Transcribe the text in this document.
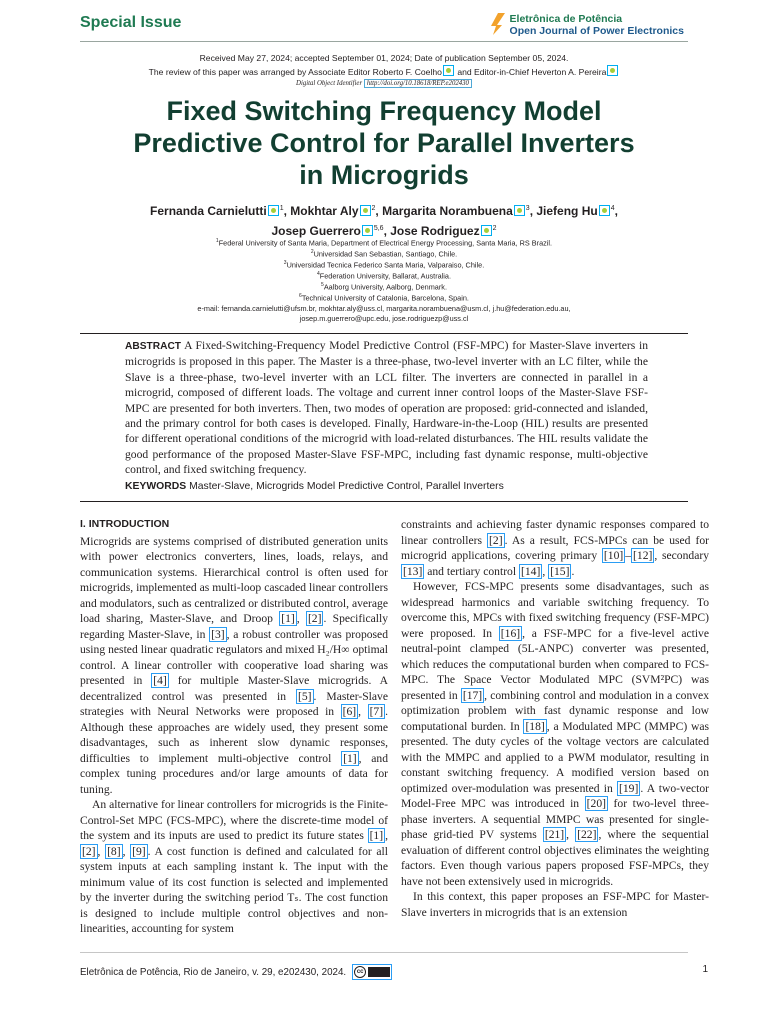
Special Issue	Eletrônica de Potência
Open Journal of Power Electronics
Received May 27, 2024; accepted September 01, 2024; Date of publication September 05, 2024.
The review of this paper was arranged by Associate Editor Roberto F. Coelho and Editor-in-Chief Heverton A. Pereira
Digital Object Identifier http://doi.org/10.18618/REP.e202430
Fixed Switching Frequency Model
Predictive Control for Parallel Inverters
in Microgrids
Fernanda Carnielutti $^1$, Mokhtar Aly $^2$, Margarita Norambuena $^3$, Jiefeng Hu $^4$,
Josep Guerrero $^{5,6}$, Jose Rodriguez $^2$
$^1$Federal University of Santa Maria, Department of Electrical Energy Processing, Santa Maria, RS Brazil.
$^2$Universidad San Sebastian, Santiago, Chile.
$^3$Universidad Tecnica Federico Santa Maria, Valparaiso, Chile.
$^4$Federation University, Ballarat, Australia.
$^5$Aalborg University, Aalborg, Denmark.
$^6$Technical University of Catalonia, Barcelona, Spain.
e-mail: fernanda.carnielutti@ufsm.br, mokhtar.aly@uss.cl, margarita.norambuena@usm.cl, j.hu@federation.edu.au,
josep.m.guerrero@upc.edu, jose.rodriguezp@uss.cl
ABSTRACT A Fixed-Switching-Frequency Model Predictive Control (FSF-MPC) for Master-Slave inverters in microgrids is proposed in this paper. The Master is a three-phase, two-level inverter with an LC filter, while the Slave is a three-phase, two-level inverter with an LCL filter. The inverters are connected in parallel in a microgrid, composed of different loads. The voltage and current inner control loops of the Master-Slave FSF-MPC are presented for both inverters. Then, two modes of operation are proposed: grid-connected and islanded, and the primary control for both cases is developed. Finally, Hardware-in-the-Loop (HIL) results are presented for different operational conditions of the microgrid with load-related disturbances. The HIL results validate the good performance of the proposed Master-Slave FSF-MPC, including fast dynamic response, multi-objective control, and fixed switching frequency.
KEYWORDS Master-Slave, Microgrids Model Predictive Control, Parallel Inverters
I. INTRODUCTION

Microgrids are systems comprised of distributed generation units with power electronics converters, lines, loads, relays, and communication systems. Hierarchical control is often used for microgrids, implemented as multi-loop cascaded linear controllers and modulators, such as centralized or distributed control, average load sharing, Master-Slave, and Droop [1] , [2] . Specifically regarding Master-Slave, in [3] , a robust controller was proposed using nested linear quadratic regulators and mixed H₂/H∞ optimal control. A linear controller with cooperative load sharing was presented in [4] for multiple Master-Slave microgrids. A decentralized control was presented in [5] . Master-Slave strategies with Neural Networks were proposed in [6] , [7] . Although these approaches are widely used, they present some disadvantages, such as inherent slow dynamic responses, difficulties to implement multi-objective control [1] , and complex tuning procedures and/or large amounts of data for tuning.

An alternative for linear controllers for microgrids is the Finite-Control-Set MPC (FCS-MPC), where the discrete-time model of the system and its inputs are used to predict its future states [1] , [2] , [8] , [9] . A cost function is defined and calculated for all system inputs at each sampling instant k. The input with the minimum value of its cost function is selected and implemented by the inverter during the switching period Tₛ. The cost function is designed to include multiple control objectives and non-linearities, accounting for system

constraints and achieving faster dynamic responses compared to linear controllers [2] . As a result, FCS-MPCs can be used for microgrid applications, covering primary [10] – [12] , secondary [13] and tertiary control [14] , [15] .

However, FCS-MPC presents some disadvantages, such as widespread harmonics and variable switching frequency. To overcome this, MPCs with fixed switching frequency (FSF-MPC) were proposed. In [16] , a FSF-MPC for a five-level active neutral-point clamped (5L-ANPC) converter was presented, which reduces the computational burden when compared to FCS-MPC. The Space Vector Modulated MPC (SVM²PC) was presented in [17] , combining control and modulation in a convex optimization problem with fast dynamic response and low computational burden. In [18] , a Modulated MPC (MMPC) was presented. The duty cycles of the voltage vectors are calculated with the MMPC and applied to a PWM modulator, resulting in constant switching frequency. A modified version based on optimized over-modulation was presented in [19] . A two-vector Model-Free MPC was introduced in [20] for two-level three-phase inverters. A sequential MMPC was presented for single-phase grid-tied PV systems [21] , [22] , where the sequential evaluation of different control objectives eliminates the weighting factors. Even though various papers proposed FSF-MPCs, they have not been extensively used in microgrids.

In this context, this paper proposes an FSF-MPC for Master-Slave inverters in microgrids that is an extension

Eletrônica de Potência, Rio de Janeiro, v. 29, e202430, 2024.	cc	1
